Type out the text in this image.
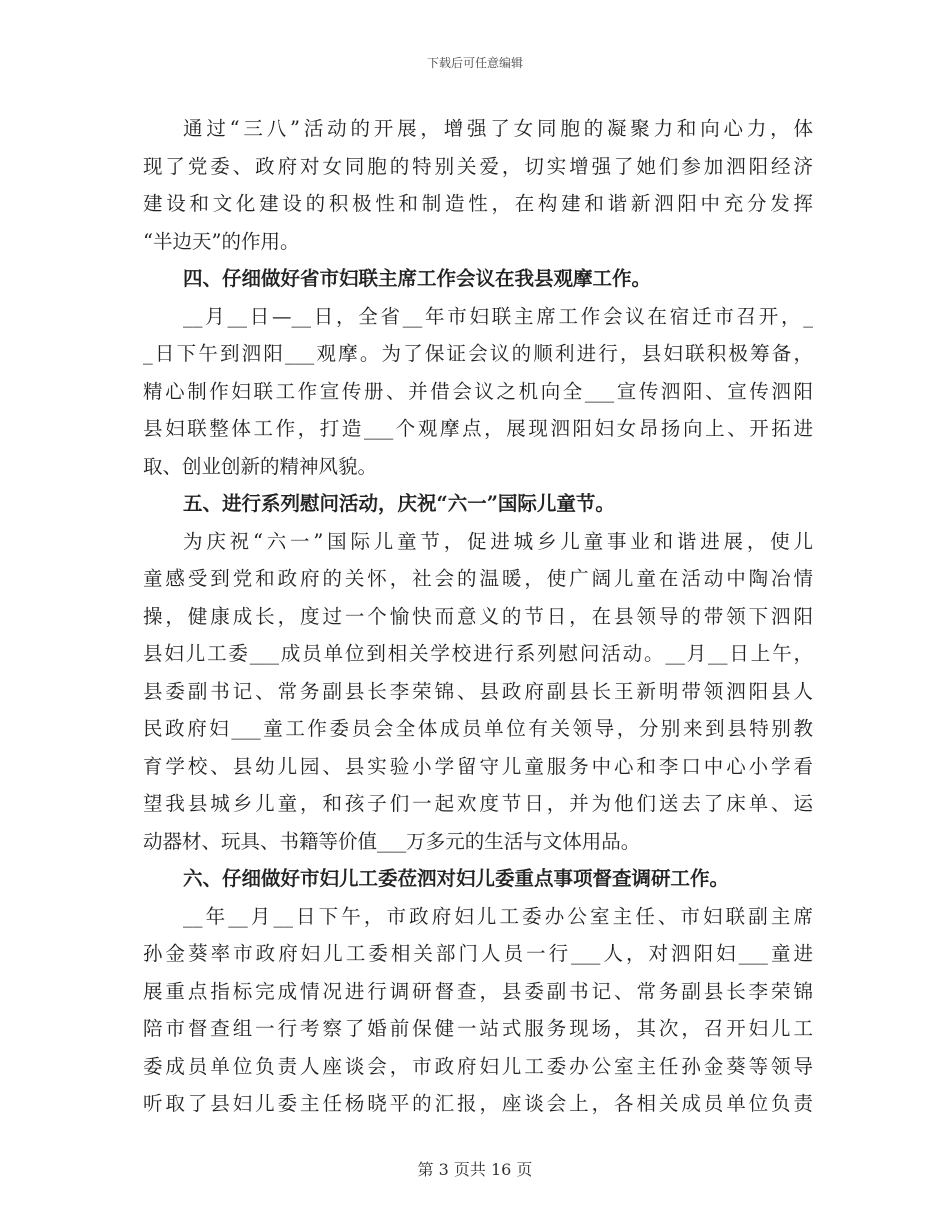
下载后可任意编辑
通过“三八”活动的开展，增强了女同胞的凝聚力和向心力，体
现了党委、政府对女同胞的特别关爱，切实增强了她们参加泗阳经济
建设和文化建设的积极性和制造性，在构建和谐新泗阳中充分发挥
“半边天”的作用。
四、仔细做好省市妇联主席工作会议在我县观摩工作。
__月__日—__日，全省__年市妇联主席工作会议在宿迁市召开，_
_日下午到泗阳___观摩。为了保证会议的顺利进行，县妇联积极筹备，
精心制作妇联工作宣传册、并借会议之机向全___宣传泗阳、宣传泗阳
县妇联整体工作，打造___个观摩点，展现泗阳妇女昂扬向上、开拓进
取、创业创新的精神风貌。
五、进行系列慰问活动，庆祝“六一”国际儿童节。
为庆祝“六一”国际儿童节，促进城乡儿童事业和谐进展，使儿
童感受到党和政府的关怀，社会的温暖，使广阔儿童在活动中陶冶情
操，健康成长，度过一个愉快而意义的节日，在县领导的带领下泗阳
县妇儿工委___成员单位到相关学校进行系列慰问活动。__月__日上午，
县委副书记、常务副县长李荣锦、县政府副县长王新明带领泗阳县人
民政府妇___童工作委员会全体成员单位有关领导，分别来到县特别教
育学校、县幼儿园、县实验小学留守儿童服务中心和李口中心小学看
望我县城乡儿童，和孩子们一起欢度节日，并为他们送去了床单、运
动器材、玩具、书籍等价值___万多元的生活与文体用品。
六、仔细做好市妇儿工委莅泗对妇儿委重点事项督查调研工作。
__年__月__日下午，市政府妇儿工委办公室主任、市妇联副主席
孙金葵率市政府妇儿工委相关部门人员一行___人，对泗阳妇___童进
展重点指标完成情况进行调研督查，县委副书记、常务副县长李荣锦
陪市督查组一行考察了婚前保健一站式服务现场，其次，召开妇儿工
委成员单位负责人座谈会，市政府妇儿工委办公室主任孙金葵等领导
听取了县妇儿委主任杨晓平的汇报，座谈会上，各相关成员单位负责
第 3 页共 16 页
